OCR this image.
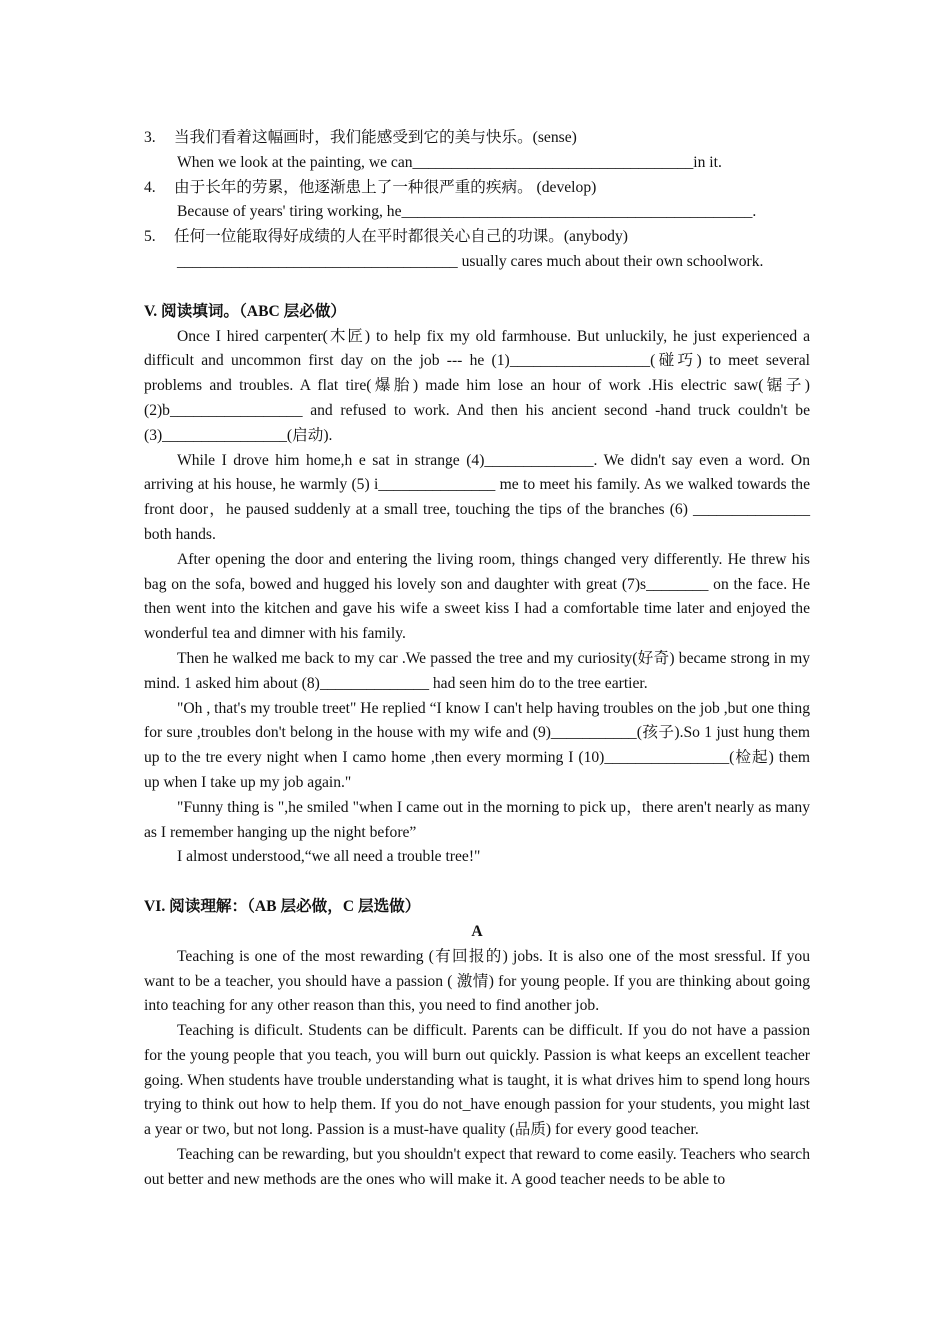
3. 当我们看着这幅画时，我们能感受到它的美与快乐。(sense)
When we look at the painting, we can____________________________________in it.
4. 由于长年的劳累，他逐渐患上了一种很严重的疾病。 (develop)
Because of years' tiring working, he_____________________________________________.
5. 任何一位能取得好成绩的人在平时都很关心自己的功课。(anybody)
____________________________________ usually cares much about their own schoolwork.
V. 阅读填词。（ABC 层必做）
Once I hired carpenter(木匠) to help fix my old farmhouse. But unluckily, he just experienced a difficult and uncommon first day on the job --- he (1)__________________(碰巧) to meet several problems and troubles. A flat tire(爆胎) made him lose an hour of work .His electric saw(锯子) (2)b_________________ and refused to work. And then his ancient second -hand truck couldn't be (3)________________(启动).
While I drove him home,h e sat in strange (4)______________. We didn't say even a word. On arriving at his house, he warmly (5) i_______________ me to meet his family. As we walked towards the front door，he paused suddenly at a small tree, touching the tips of the branches (6) _______________ both hands.
After opening the door and entering the living room, things changed very differently. He threw his bag on the sofa, bowed and hugged his lovely son and daughter with great (7)s________ on the face. He then went into the kitchen and gave his wife a sweet kiss I had a comfortable time later and enjoyed the wonderful tea and dimner with his family.
Then he walked me back to my car .We passed the tree and my curiosity(好奇) became strong in my mind. 1 asked him about (8)______________ had seen him do to the tree eartier.
"Oh , that's my trouble treet" He replied “I know I can't help having troubles on the job ,but one thing for sure ,troubles don't belong in the house with my wife and (9)___________(孩子).So 1 just hung them up to the tre every night when I camo home ,then every morming I (10)________________(检起) them up when I take up my job again."
"Funny thing is ",he smiled "when I came out in the morning to pick up，there aren't nearly as many as I remember hanging up the night before”
I almost understood,“we all need a trouble tree!"
VI. 阅读理解：（AB 层必做，C 层选做）
A
Teaching is one of the most rewarding (有回报的) jobs. It is also one of the most sressful. If you want to be a teacher, you should have a passion ( 激情) for young people. If you are thinking about going into teaching for any other reason than this, you need to find another job.
Teaching is dificult. Students can be difficult. Parents can be difficult. If you do not have a passion for the young people that you teach, you will burn out quickly. Passion is what keeps an excellent teacher going. When students have trouble understanding what is taught, it is what drives him to spend long hours trying to think out how to help them. If you do not_have enough passion for your students, you might last a year or two, but not long. Passion is a must-have quality (品质) for every good teacher.
Teaching can be rewarding, but you shouldn't expect that reward to come easily. Teachers who search out better and new methods are the ones who will make it. A good teacher needs to be able to
